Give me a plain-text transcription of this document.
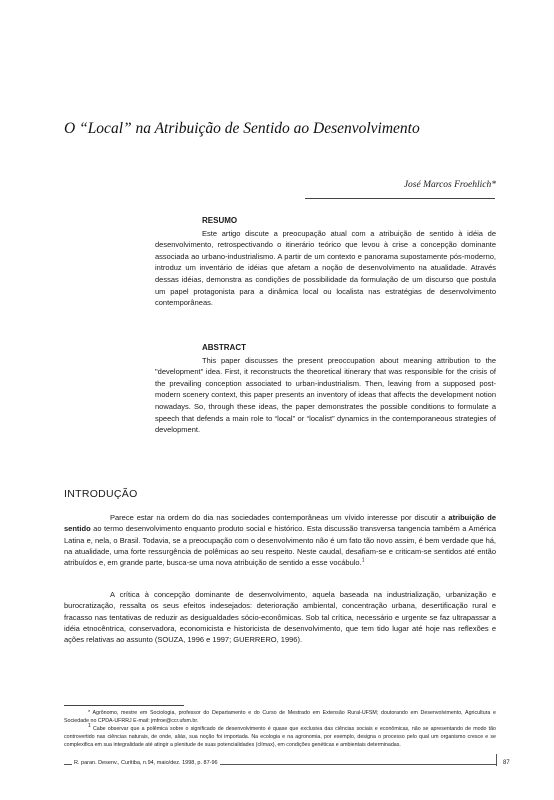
O “Local” na Atribuição de Sentido ao Desenvolvimento
José Marcos Froehlich*
RESUMO

Este artigo discute a preocupação atual com a atribuição de sentido à idéia de desenvolvimento, retrospectivando o itinerário teórico que levou à crise a concepção dominante associada ao urbano-industrialismo. A partir de um contexto e panorama supostamente pós-moderno, introduz um inventário de idéias que afetam a noção de desenvolvimento na atualidade. Através dessas idéias, demonstra as condições de possibilidade da formulação de um discurso que postula um papel protagonista para a dinâmica local ou localista nas estratégias de desenvolvimento contemporâneas.

ABSTRACT

This paper discusses the present preoccupation about meaning attribution to the "development" idea. First, it reconstructs the theoretical itinerary that was responsible for the crisis of the prevailing conception associated to urban-industrialism. Then, leaving from a supposed post-modern scenery context, this paper presents an inventory of ideas that affects the development notion nowadays. So, through these ideas, the paper demonstrates the possible conditions to formulate a speech that defends a main role to “local” or “localist” dynamics in the contemporaneous strategies of development.

INTRODUÇÃO

Parece estar na ordem do dia nas sociedades contemporâneas um vívido interesse por discutir a atribuição de sentido ao termo desenvolvimento enquanto produto social e histórico. Esta discussão transversa tangencia também a América Latina e, nela, o Brasil. Todavia, se a preocupação com o desenvolvimento não é um fato tão novo assim, é bem verdade que há, na atualidade, uma forte ressurgência de polêmicas ao seu respeito. Neste caudal, desafiam-se e criticam-se sentidos até então atribuídos e, em grande parte, busca-se uma nova atribuição de sentido a esse vocábulo.$^1$

A crítica à concepção dominante de desenvolvimento, aquela baseada na industrialização, urbanização e burocratização, ressalta os seus efeitos indesejados: deterioração ambiental, concentração urbana, desertificação rural e fracasso nas tentativas de reduzir as desigualdades sócio-econômicas. Sob tal crítica, necessário e urgente se faz ultrapassar a idéia etnocêntrica, conservadora, economicista e historicista de desenvolvimento, que tem tido lugar até hoje nas reflexões e ações relativas ao assunto (SOUZA, 1996 e 1997; GUERRERO, 1996).

* Agrônomo, mestre em Sociologia, professor do Departamento e do Curso de Mestrado em Extensão Rural-UFSM; doutorando em Desenvolvimento, Agricultura e Sociedade no CPDA-UFRRJ E-mail: jmfroe@ccr.ufsm.br.

$^1$ Cabe observar que a polêmica sobre o significado de desenvolvimento é quase que exclusiva das ciências sociais e econômicas, não se apresentando de modo tão controvertido nas ciências naturais, de onde, aliás, sua noção foi importada. Na ecologia e na agronomia, por exemplo, designa o processo pelo qual um organismo cresce e se complexifica em sua integralidade até atingir a plenitude de suas potencialidades (clímax), em condições genéticas e ambientais determinadas.

R. paran. Desenv., Curitiba, n.94, maio/dez. 1998, p. 87-96	87
